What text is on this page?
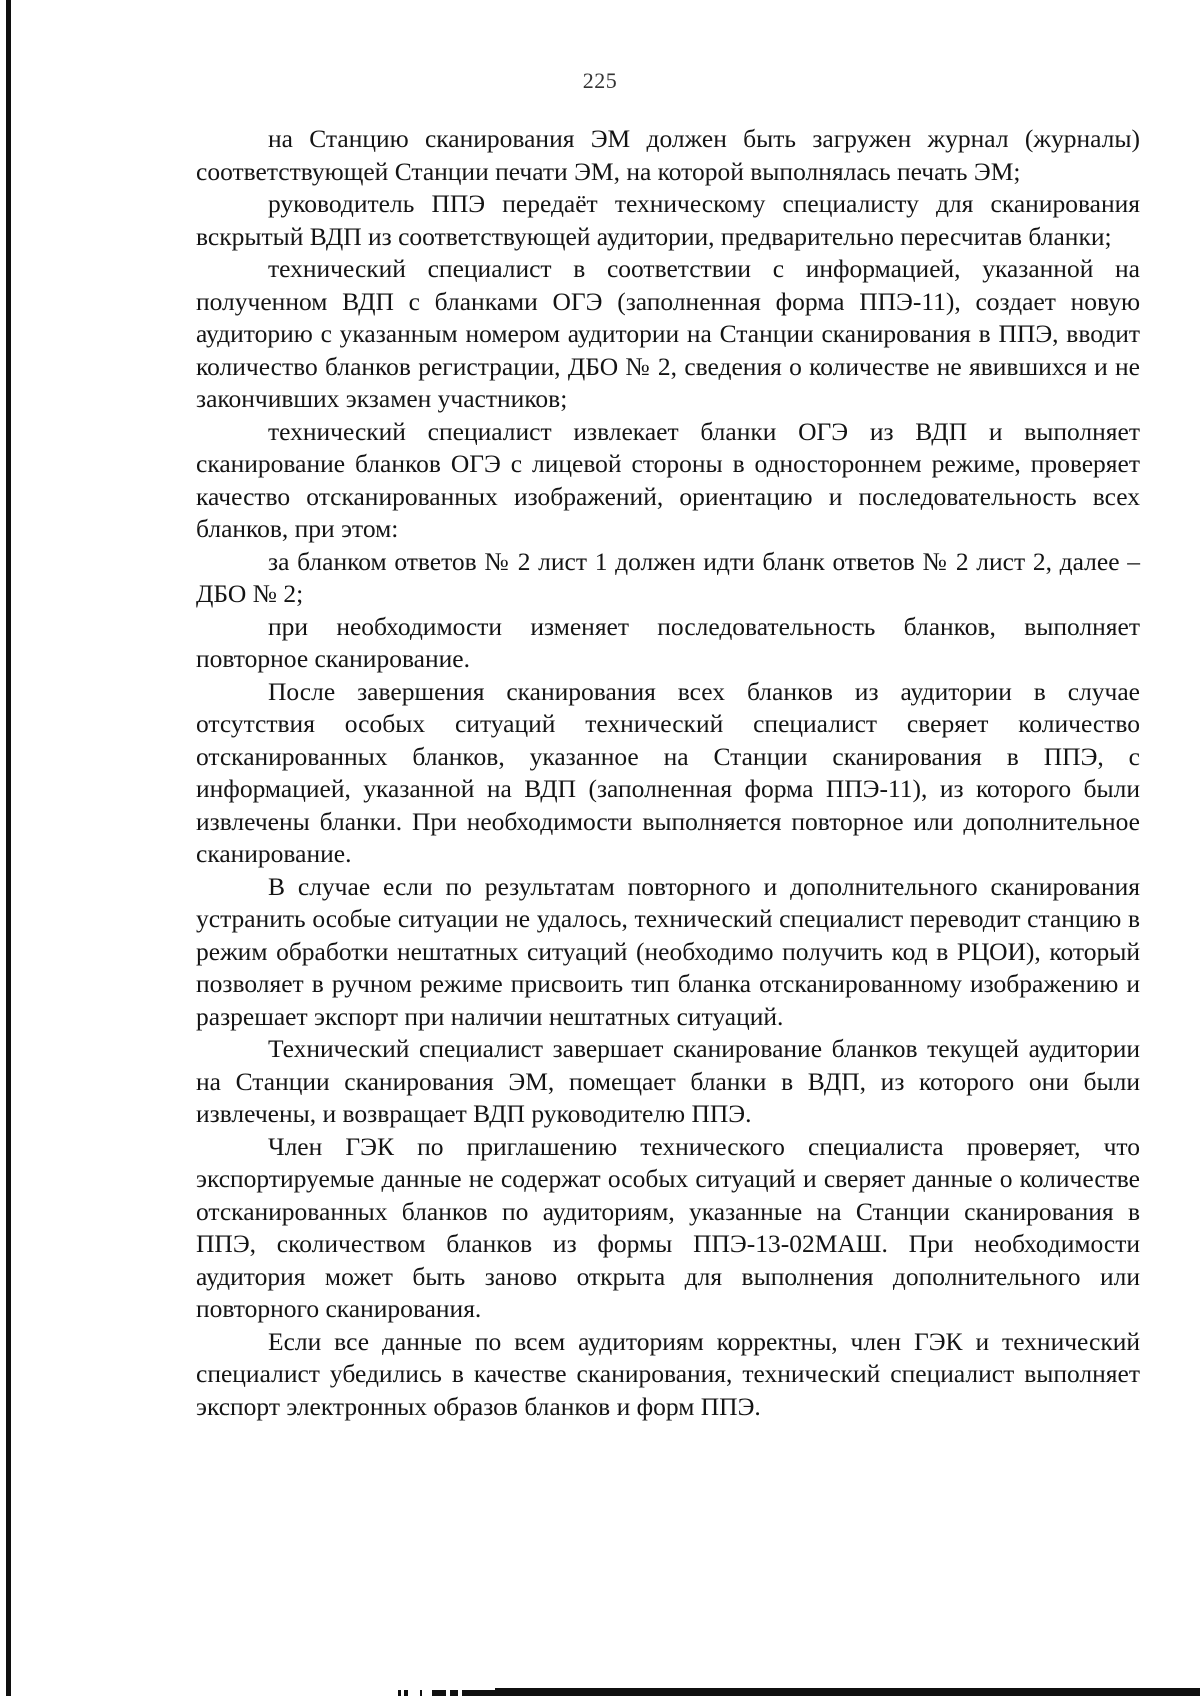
225

на Станцию сканирования ЭМ должен быть загружен журнал (журналы) соответствующей Станции печати ЭМ, на которой выполнялась печать ЭМ;

руководитель ППЭ передаёт техническому специалисту для сканирования вскрытый ВДП из соответствующей аудитории, предварительно пересчитав бланки;

технический специалист в соответствии с информацией, указанной на полученном ВДП с бланками ОГЭ (заполненная форма ППЭ-11), создает новую аудиторию с указанным номером аудитории на Станции сканирования в ППЭ, вводит количество бланков регистрации, ДБО № 2, сведения о количестве не явившихся и не закончивших экзамен участников;

технический специалист извлекает бланки ОГЭ из ВДП и выполняет сканирование бланков ОГЭ с лицевой стороны в одностороннем режиме, проверяет качество отсканированных изображений, ориентацию и последовательность всех бланков, при этом:

за бланком ответов № 2 лист 1 должен идти бланк ответов № 2 лист 2, далее – ДБО № 2;

при необходимости изменяет последовательность бланков, выполняет повторное сканирование.

После завершения сканирования всех бланков из аудитории в случае отсутствия особых ситуаций технический специалист сверяет количество отсканированных бланков, указанное на Станции сканирования в ППЭ, с информацией, указанной на ВДП (заполненная форма ППЭ-11), из которого были извлечены бланки. При необходимости выполняется повторное или дополнительное сканирование.

В случае если по результатам повторного и дополнительного сканирования устранить особые ситуации не удалось, технический специалист переводит станцию в режим обработки нештатных ситуаций (необходимо получить код в РЦОИ), который позволяет в ручном режиме присвоить тип бланка отсканированному изображению и разрешает экспорт при наличии нештатных ситуаций.

Технический специалист завершает сканирование бланков текущей аудитории на Станции сканирования ЭМ, помещает бланки в ВДП, из которого они были извлечены, и возвращает ВДП руководителю ППЭ.

Член ГЭК по приглашению технического специалиста проверяет, что экспортируемые данные не содержат особых ситуаций и сверяет данные о количестве отсканированных бланков по аудиториям, указанные на Станции сканирования в ППЭ, сколичеством бланков из формы ППЭ-13-02МАШ. При необходимости аудитория может быть заново открыта для выполнения дополнительного или повторного сканирования.

Если все данные по всем аудиториям корректны, член ГЭК и технический специалист убедились в качестве сканирования, технический специалист выполняет экспорт электронных образов бланков и форм ППЭ.
